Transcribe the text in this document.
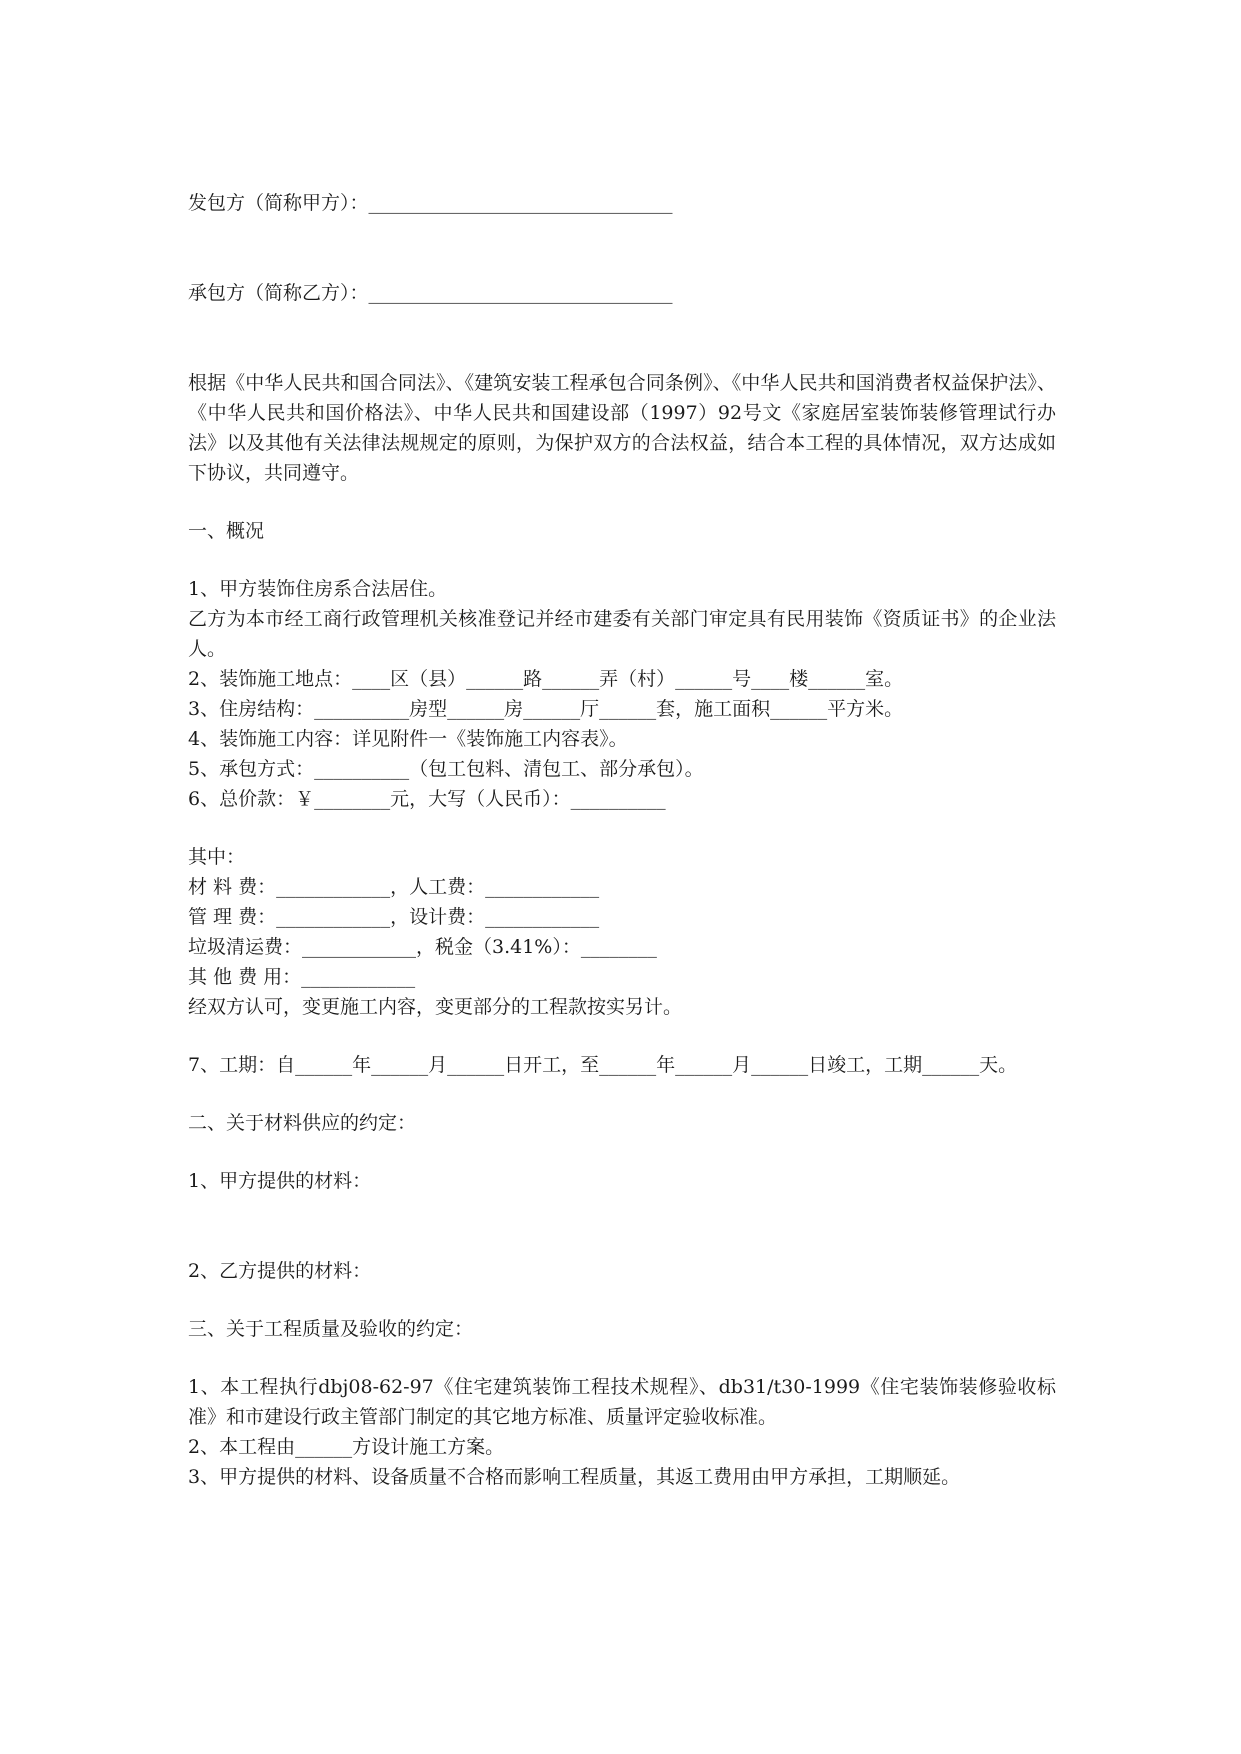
发包方（简称甲方）：________________________________

承包方（简称乙方）：________________________________

根据《中华人民共和国合同法》、《建筑安装工程承包合同条例》、《中华人民共和国消费者权益保护法》、《中华人民共和国价格法》、中华人民共和国建设部（1997）92号文《家庭居室装饰装修管理试行办法》以及其他有关法律法规规定的原则，为保护双方的合法权益，结合本工程的具体情况，双方达成如下协议，共同遵守。

一、概况

1、甲方装饰住房系合法居住。

乙方为本市经工商行政管理机关核准登记并经市建委有关部门审定具有民用装饰《资质证书》的企业法人。

2、装饰施工地点：____区（县）______路______弄（村）______号____楼______室。

3、住房结构：__________房型______房______厅______套，施工面积______平方米。

4、装饰施工内容：详见附件一《装饰施工内容表》。

5、承包方式：__________（包工包料、清包工、部分承包）。

6、总价款：￥________元，大写（人民币）：__________

其中：

材 料 费：____________，人工费：____________

管 理 费：____________，设计费：____________

垃圾清运费：____________，税金（3.41%）：________

其 他 费 用：____________

经双方认可，变更施工内容，变更部分的工程款按实另计。

7、工期：自______年______月______日开工，至______年______月______日竣工，工期______天。

二、关于材料供应的约定：

1、甲方提供的材料：

2、乙方提供的材料：

三、关于工程质量及验收的约定：

1、本工程执行dbj08-62-97《住宅建筑装饰工程技术规程》、db31/t30-1999《住宅装饰装修验收标准》和市建设行政主管部门制定的其它地方标准、质量评定验收标准。

2、本工程由______方设计施工方案。

3、甲方提供的材料、设备质量不合格而影响工程质量，其返工费用由甲方承担，工期顺延。
